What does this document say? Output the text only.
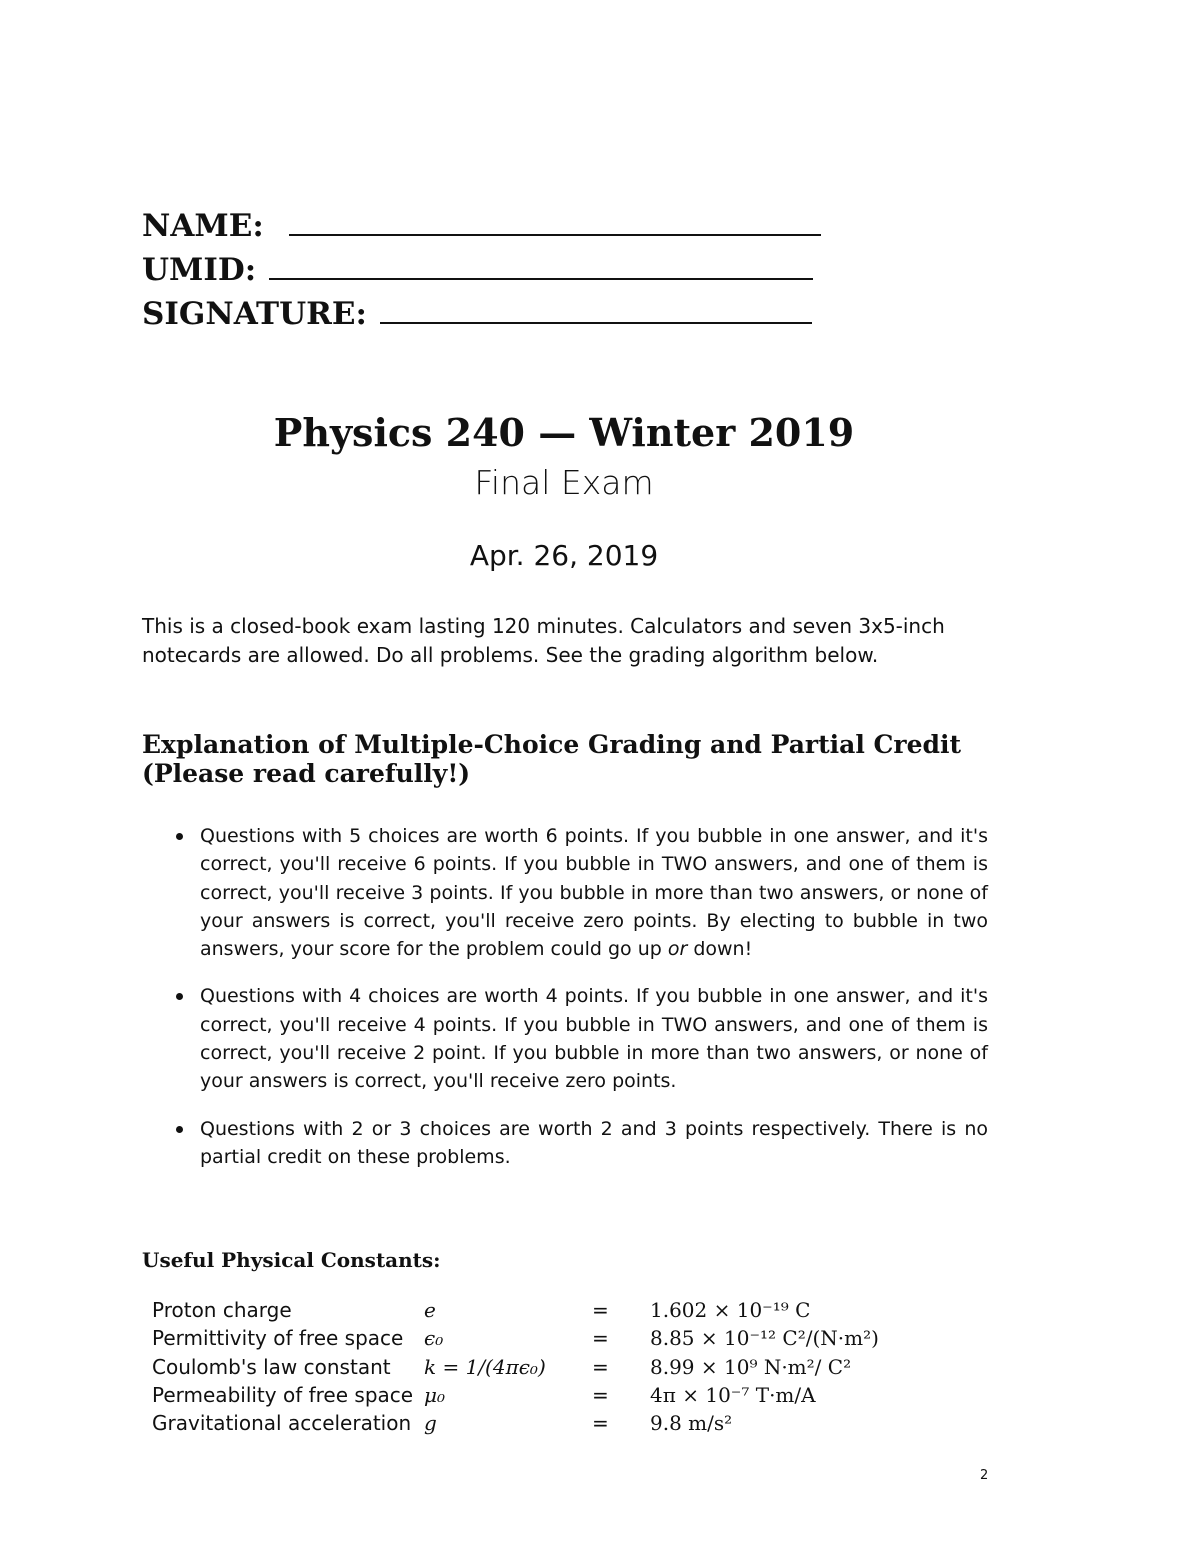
NAME:
UMID:
SIGNATURE:
Physics 240 — Winter 2019
Final Exam
Apr. 26, 2019

This is a closed-book exam lasting 120 minutes. Calculators and seven 3x5-inch notecards are allowed. Do all problems. See the grading algorithm below.

Explanation of Multiple-Choice Grading and Partial Credit (Please read carefully!)
Questions with 5 choices are worth 6 points. If you bubble in one answer, and it's correct, you'll receive 6 points. If you bubble in TWO answers, and one of them is correct, you'll receive 3 points. If you bubble in more than two answers, or none of your answers is correct, you'll receive zero points. By electing to bubble in two answers, your score for the problem could go up or down!
Questions with 4 choices are worth 4 points. If you bubble in one answer, and it's correct, you'll receive 4 points. If you bubble in TWO answers, and one of them is correct, you'll receive 2 point. If you bubble in more than two answers, or none of your answers is correct, you'll receive zero points.
Questions with 2 or 3 choices are worth 2 and 3 points respectively. There is no partial credit on these problems.
Useful Physical Constants:
Proton charge	e	=	1.602 × 10⁻¹⁹ C
Permittivity of free space	ϵ₀	=	8.85 × 10⁻¹² C²/(N·m²)
Coulomb's law constant	k = 1/(4πϵ₀)	=	8.99 × 10⁹ N·m²/ C²
Permeability of free space	μ₀	=	4π × 10⁻⁷ T·m/A
Gravitational acceleration	g	=	9.8 m/s²
2
